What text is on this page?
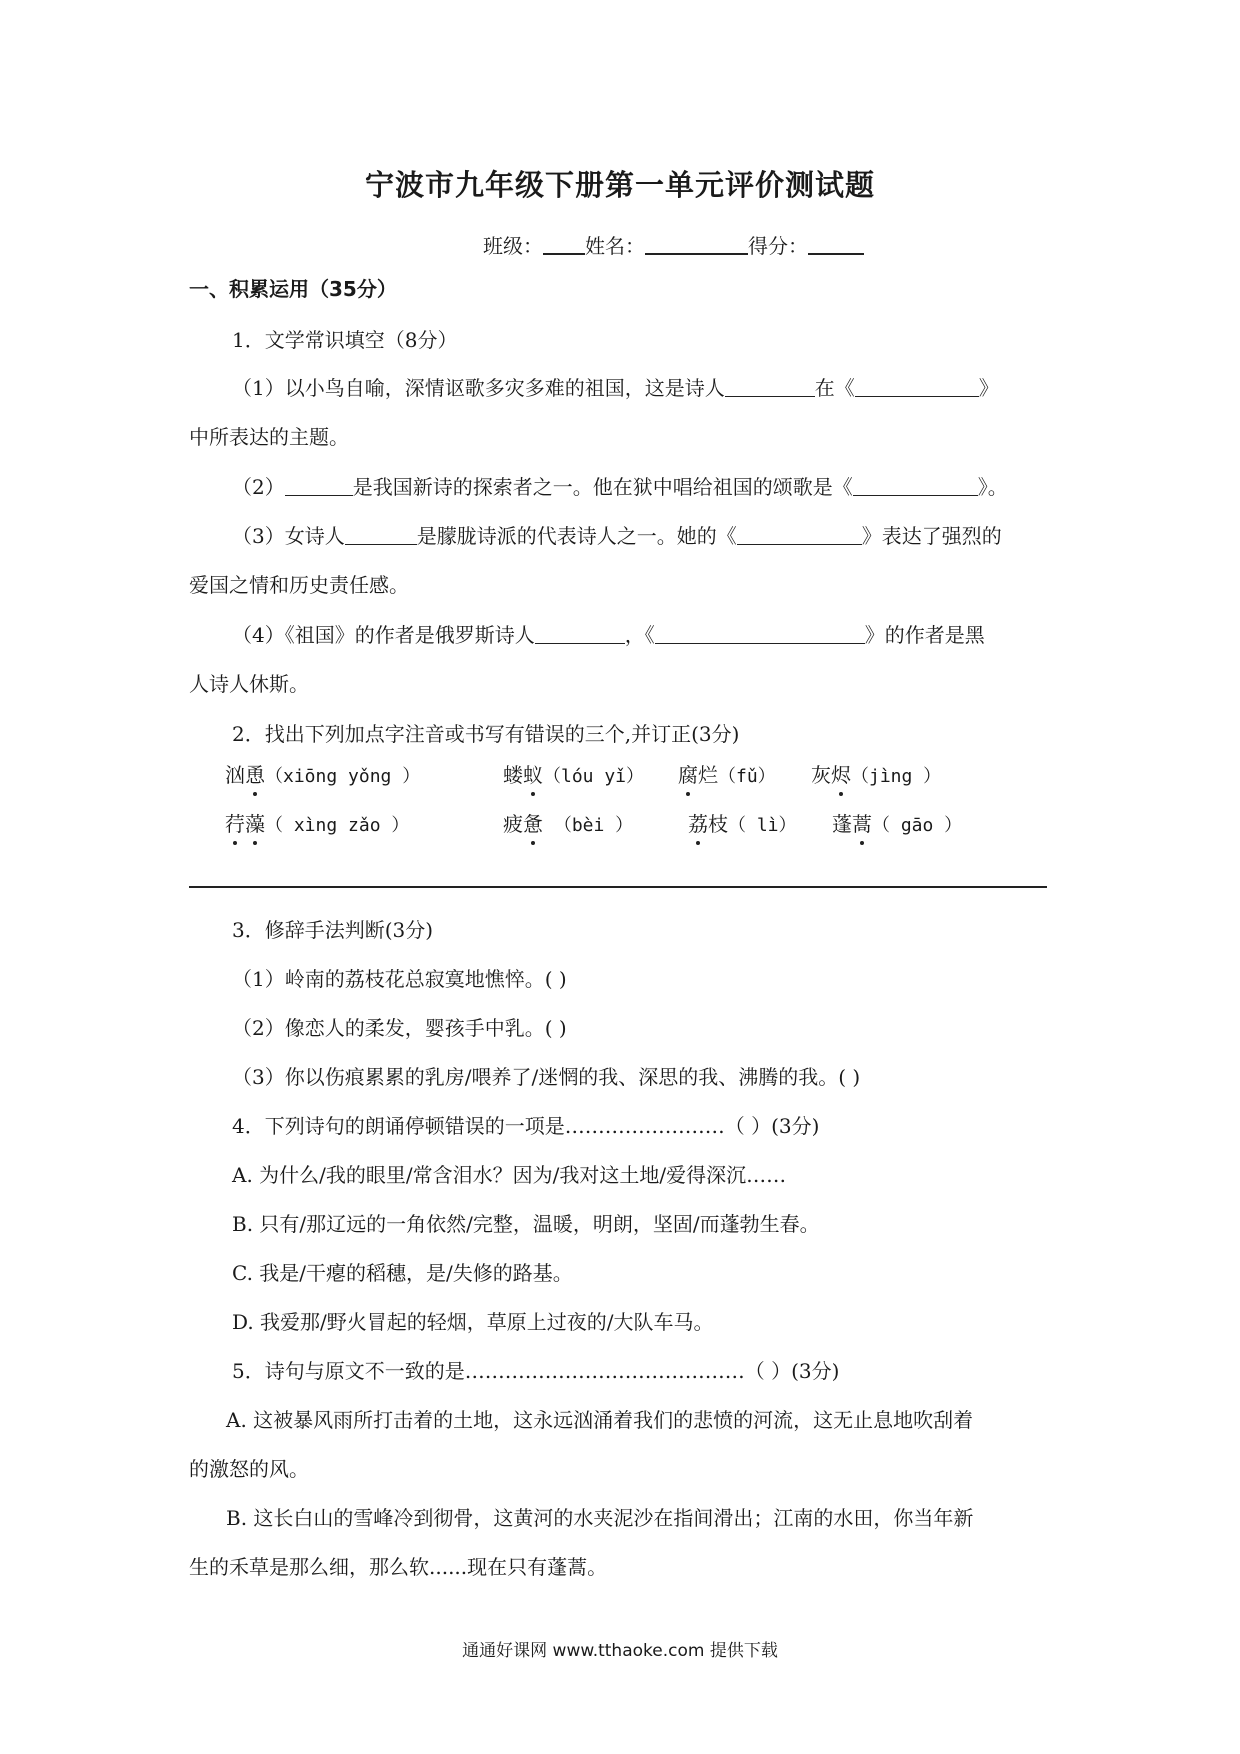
宁波市九年级下册第一单元评价测试题
班级： 姓名：	得分：
一、积累运用（35分）
1．文学常识填空（8分）
（1）以小鸟自喻，深情讴歌多灾多难的祖国，这是诗人	在《	》
中所表达的主题。
（2）	是我国新诗的探索者之一。他在狱中唱给祖国的颂歌是《	》。
（3）女诗人	是朦胧诗派的代表诗人之一。她的《	》表达了强烈的
爱国之情和历史责任感。
（4）《祖国》的作者是俄罗斯诗人	，《	》的作者是黑
人诗人休斯。
2．找出下列加点字注音或书写有错误的三个,并订正(3分)
汹恿（xiōng yǒng ）	蝼蚁（lóu yǐ） 腐烂（fǔ） 灰烬（jìng ）
荇藻（ xìng zǎo ）	疲惫 （bèi ）	荔枝（ lì） 蓬蒿（ gāo ）
3．修辞手法判断(3分)
（1）岭南的荔枝花总寂寞地憔悴。( )
（2）像恋人的柔发，婴孩手中乳。( )
（3）你以伤痕累累的乳房/喂养了/迷惘的我、深思的我、沸腾的我。( )
4．下列诗句的朗诵停顿错误的一项是……………………（ ）(3分)
A. 为什么/我的眼里/常含泪水？因为/我对这土地/爱得深沉……
B. 只有/那辽远的一角依然/完整，温暖，明朗，坚固/而蓬勃生春。
C. 我是/干瘪的稻穗，是/失修的路基。
D. 我爱那/野火冒起的轻烟，草原上过夜的/大队车马。
5．诗句与原文不一致的是……………………………………（ ）(3分)
A. 这被暴风雨所打击着的土地，这永远汹涌着我们的悲愤的河流，这无止息地吹刮着
的激怒的风。
B. 这长白山的雪峰冷到彻骨，这黄河的水夹泥沙在指间滑出；江南的水田，你当年新
生的禾草是那么细，那么软......现在只有蓬蒿。
通通好课网 www.tthaoke.com 提供下载
